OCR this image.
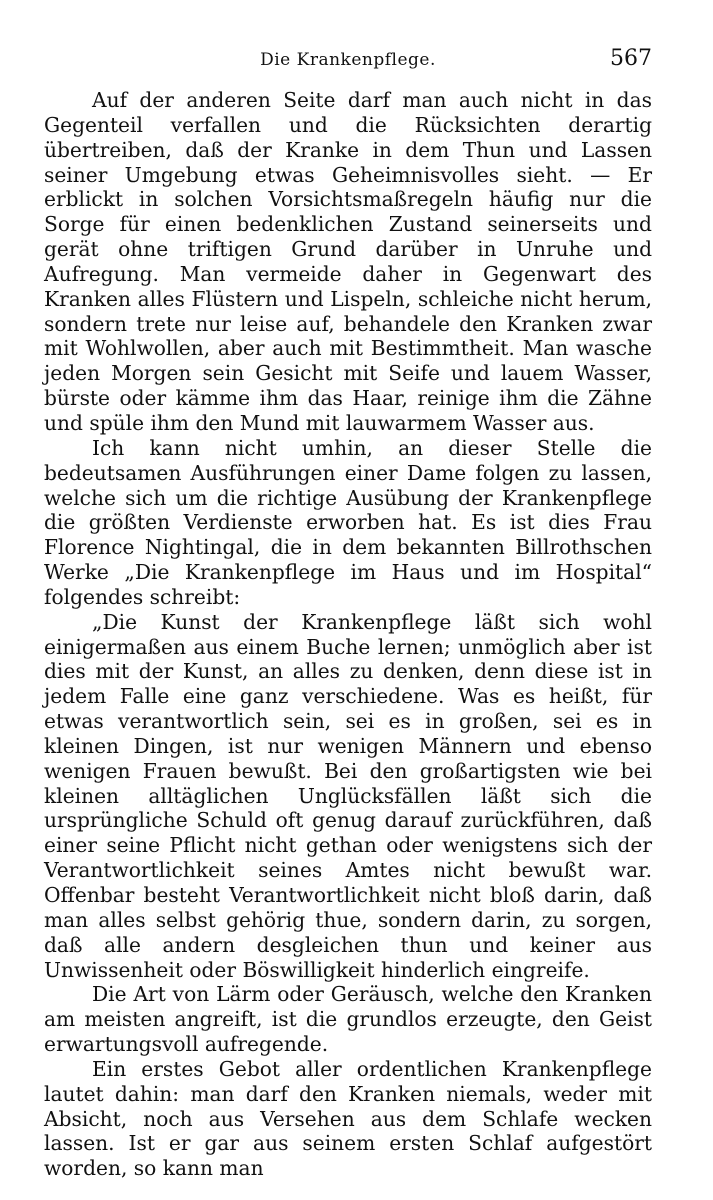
Die Krankenpflege.	567

Auf der anderen Seite darf man auch nicht in das Gegenteil verfallen und die Rücksichten derartig übertreiben, daß der Kranke in dem Thun und Lassen seiner Umgebung etwas Geheimnisvolles sieht. — Er erblickt in solchen Vorsichtsmaßregeln häufig nur die Sorge für einen bedenklichen Zustand seinerseits und gerät ohne triftigen Grund darüber in Unruhe und Aufregung. Man vermeide daher in Gegenwart des Kranken alles Flüstern und Lispeln, schleiche nicht herum, sondern trete nur leise auf, behandele den Kranken zwar mit Wohlwollen, aber auch mit Bestimmtheit. Man wasche jeden Morgen sein Gesicht mit Seife und lauem Wasser, bürste oder kämme ihm das Haar, reinige ihm die Zähne und spüle ihm den Mund mit lauwarmem Wasser aus.

Ich kann nicht umhin, an dieser Stelle die bedeutsamen Ausführungen einer Dame folgen zu lassen, welche sich um die richtige Ausübung der Krankenpflege die größten Verdienste erworben hat. Es ist dies Frau Florence Nightingal, die in dem bekannten Billrothschen Werke „Die Krankenpflege im Haus und im Hospital“ folgendes schreibt:

„Die Kunst der Krankenpflege läßt sich wohl einigermaßen aus einem Buche lernen; unmöglich aber ist dies mit der Kunst, an alles zu denken, denn diese ist in jedem Falle eine ganz verschiedene. Was es heißt, für etwas verantwortlich sein, sei es in großen, sei es in kleinen Dingen, ist nur wenigen Männern und ebenso wenigen Frauen bewußt. Bei den großartigsten wie bei kleinen alltäglichen Unglücksfällen läßt sich die ursprüngliche Schuld oft genug darauf zurückführen, daß einer seine Pflicht nicht gethan oder wenigstens sich der Verantwortlichkeit seines Amtes nicht bewußt war. Offenbar besteht Verantwortlichkeit nicht bloß darin, daß man alles selbst gehörig thue, sondern darin, zu sorgen, daß alle andern desgleichen thun und keiner aus Unwissenheit oder Böswilligkeit hinderlich eingreife.

Die Art von Lärm oder Geräusch, welche den Kranken am meisten angreift, ist die grundlos erzeugte, den Geist erwartungsvoll aufregende.

Ein erstes Gebot aller ordentlichen Krankenpflege lautet dahin: man darf den Kranken niemals, weder mit Absicht, noch aus Versehen aus dem Schlafe wecken lassen. Ist er gar aus seinem ersten Schlaf aufgestört worden, so kann man
